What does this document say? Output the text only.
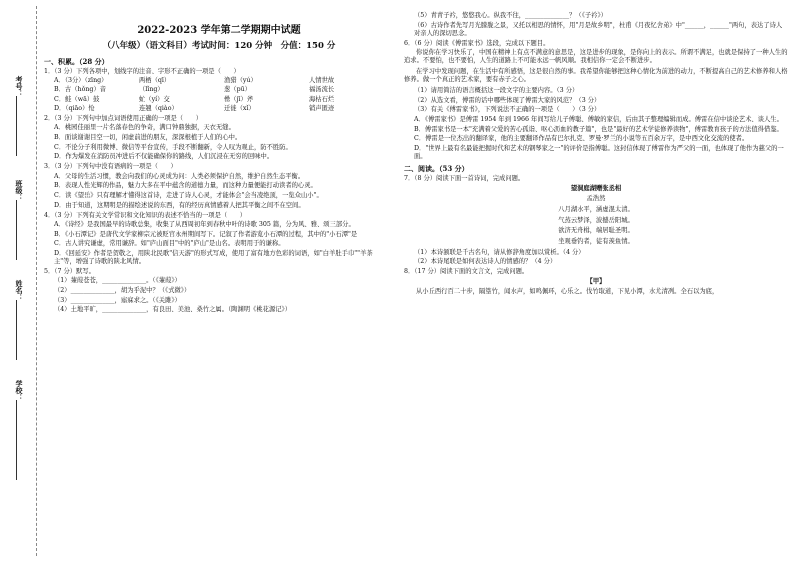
考号：
班级：
姓名：
学校：
2022-2023 学年第二学期期中试题
（八年级）（语文科目）考试时间：120 分钟　分值：150 分
一、积累。（28 分）

1．（3 分）下列各项中，划线字的注音、字形不正确的一项是（　　）

A．（3分）（zīng）	两栖（qī）	渔猎（yú）	人情世故
B．古（hǒng）音	（lǐng）	葱（pū）	福汤流长
C．鲑（wā）鼓	虻（yí）交	罍（jī）斧	海枯石烂
D．（qiāo）怆	连翘（qiào）	迁徙（xǐ）	销声匿迹

2．（3 分）下列句中加点词语使用正确的一项是（　　）

A．桃园佳丽里一片名落春色的争奇，满口钟鼎独据，天衣无缝。

B．面谈谢谢目空一切，闲虚前进的朋友，深深根植于人们的心中。

C．不论分子利用微博、微信等平台宣传，手段不断翻新，令人叹为观止，防不胜防。

D．作为爆发在消防员冲进后不仅能确保你的路线，人们沉浸在无穷的回味中。

3．（3 分）下列句中没有语病的一项是（　　）

A．父母的生活习惯，教会向我们的心灵成为问：人类必须保护自然，维护自然生态平衡。

B．表现人性光辉的作品，魅力大多在平中蕴含的道德力量，而这种力量便能打动读者的心灵。

C．读《望岳》只有理解才懂得这首诗，走进了诗人心灵，才能体会"会当凌绝顶，一览众山小"。

D．由于知道，这期明是的描绘述说的东西，有的经历真情感着人把其平衡之间不在空间。

4．（3 分）下列有关文学常识和文化知识的表述不恰当的一项是（　　）

A．《诗经》是我国最早的诗歌总集，收集了从西周初年到春秋中叶的诗歌 305 篇，分为风、雅、颂三部分。

B．《小石潭记》是唐代文学家柳宗元被贬官永州期间写下。记叙了作者游览小石潭的过程，其中的"小石潭"是

C．古人讲究谦虚，常用谦辞。如"庐山面目"中的"庐山"是山名。表明用于的谦称。

D．《回延安》作者是贺敬之，用陕北民歌"信天游"的形式写成，使用了富有地方色彩的词语，如"白羊肚手巾""羊茶主"等，增强了诗歌的陕北风情。

5．（7 分）默写。

（1）蒹葭苍苍，______________。（《蒹葭》）

（2）______________，胡为乎泥中？（《式微》）

（3）______________，寤寐求之。（《关雎》）

（4）土地平旷，______________，有良田、美池、桑竹之属。（陶渊明《桃花源记》）

（5）青青子衿，悠悠我心。纵我不往，______________？（《子衿》）

（6）古诗作者先写月光朦胧之景，又托以相思的情怀，用"月是故乡明"，杜甫《月夜忆舍弟》中"______，______"两句，表达了诗人对亲人的深切思念。

6．（6 分）阅读《傅雷家书》选段，完成以下题目。

你说你在学习快乐了，中国在精神上有点不满意的意思是，这是进步的现象，是你向上的表示。所谓不满足，也就是保持了一种人生的追求。不要怕，也不要怕，人生的道路上不可能永远一帆风顺。我相信你一定会不断进步。

在学习中发现问题，在生活中有所感悟，这是很自然的事。我希望你能够把这种心情化为前进的动力，不断提高自己的艺术修养和人格修养。做一个真正的艺术家，要有赤子之心。

（1）请用简洁的语言概括这一段文字的主要内容。（3 分）

（2）从选文看，傅雷的话中哪些体现了傅雷大家的风范？（3 分）

（3）有关《傅雷家书》，下列说法不正确的一项是（　　）（3 分）

A．《傅雷家书》是傅雷 1954 年到 1966 年间写给儿子傅聪、傅敏的家信，后由其子整理编辑而成。傅雷在信中谈论艺术、谈人生。

B．傅雷家书是一本"充满着父爱的苦心孤诣、呕心沥血的教子篇"，也是"最好的艺术学徒修养读物"，傅雷教育孩子的方法值得借鉴。

C．傅雷是一位杰出的翻译家，他的主要翻译作品有巴尔扎克、罗曼·罗兰的小说等五百余万字，是中西文化交流的使者。

D．"世界上最有名最能把握时代和艺术的钢琴家之一"的评价是指傅聪。这封信体现了傅雷作为严父的一面，也体现了他作为慈父的一面。

二、阅读。（53 分）

7．（8 分）阅读下面一首诗词，完成问题。

望洞庭湖赠张丞相

孟浩然

八月湖水平，涵虚混太清。

气蒸云梦泽，波撼岳阳城。

欲济无舟楫，端居耻圣明。

坐观垂钓者，徒有羡鱼情。

（1）本诗颔联是千古名句，请从修辞角度加以赏析。（4 分）

（2）本诗尾联是如何表达诗人的情感的？（4 分）

8．（17 分）阅读下面的文言文，完成问题。

【甲】

从小丘西行百二十步，隔篁竹，闻水声，如鸣佩环，心乐之。伐竹取道，下见小潭，水尤清冽。全石以为底，
